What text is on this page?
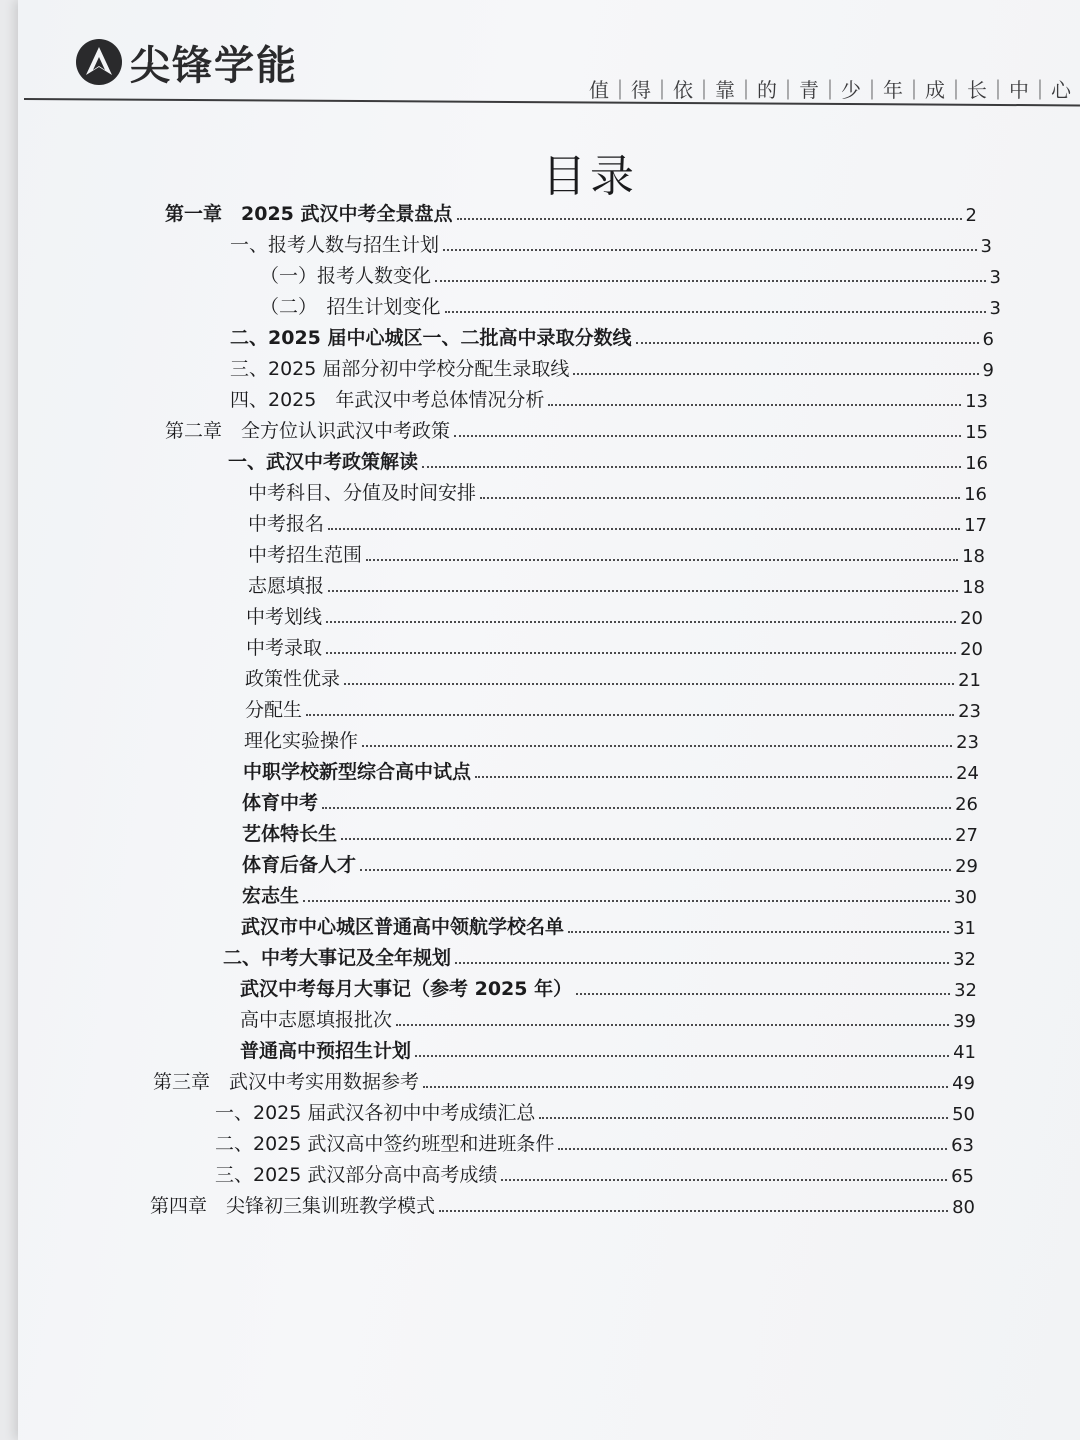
尖锋学能
值｜得｜依｜靠｜的｜青｜少｜年｜成｜长｜中｜心
目录
第一章　2025 武汉中考全景盘点	2
一、报考人数与招生计划	3
（一）报考人数变化	3
（二）　招生计划变化	3
二、2025 届中心城区一、二批高中录取分数线	6
三、2025 届部分初中学校分配生录取线	9
四、2025　年武汉中考总体情况分析	13
第二章　全方位认识武汉中考政策	15
一、武汉中考政策解读	16
中考科目、分值及时间安排	16
中考报名	17
中考招生范围	18
志愿填报	18
中考划线	20
中考录取	20
政策性优录	21
分配生	23
理化实验操作	23
中职学校新型综合高中试点	24
体育中考	26
艺体特长生	27
体育后备人才	29
宏志生	30
武汉市中心城区普通高中领航学校名单	31
二、中考大事记及全年规划	32
武汉中考每月大事记（参考 2025 年）	32
高中志愿填报批次	39
普通高中预招生计划	41
第三章　武汉中考实用数据参考	49
一、2025 届武汉各初中中考成绩汇总	50
二、2025 武汉高中签约班型和进班条件	63
三、2025 武汉部分高中高考成绩	65
第四章　尖锋初三集训班教学模式	80
